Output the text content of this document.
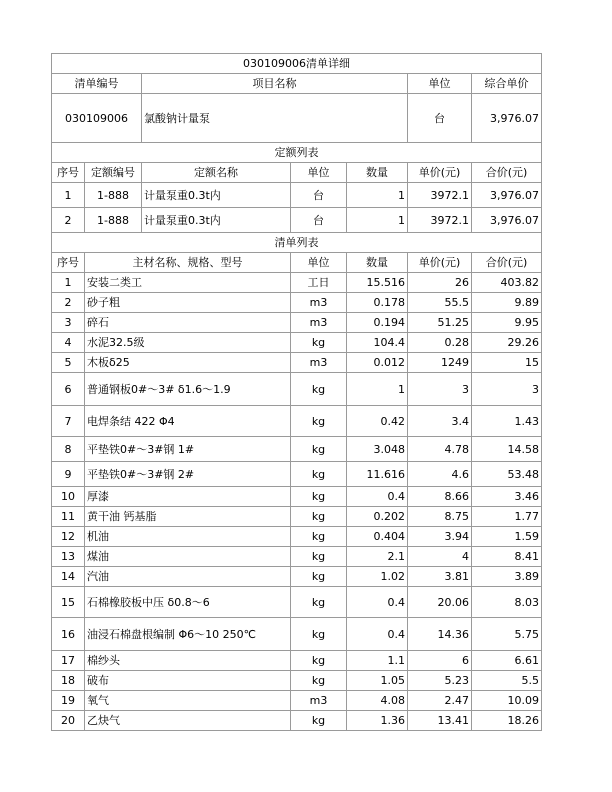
030109006清单详细						
清单编号		项目名称			单位	综合单价
030109006		氯酸钠计量泵			台	3,976.07
定额列表						
序号	定额编号	定额名称	单位	数量	单价(元)	合价(元)
1	1-888	计量泵重0.3t内	台	1	3972.1	3,976.07
2	1-888	计量泵重0.3t内	台	1	3972.1	3,976.07
清单列表						
序号	主材名称、规格、型号		单位	数量	单价(元)	合价(元)
1	安装二类工		工日	15.516	26	403.82
2	砂子粗		m3	0.178	55.5	9.89
3	碎石		m3	0.194	51.25	9.95
4	水泥32.5级		kg	104.4	0.28	29.26
5	木板δ25		m3	0.012	1249	15
6	普通钢板0#～3# δ1.6～1.9		kg	1	3	3
7	电焊条结 422 Φ4		kg	0.42	3.4	1.43
8	平垫铁0#～3#钢 1#		kg	3.048	4.78	14.58
9	平垫铁0#～3#钢 2#		kg	11.616	4.6	53.48
10	厚漆		kg	0.4	8.66	3.46
11	黄干油 钙基脂		kg	0.202	8.75	1.77
12	机油		kg	0.404	3.94	1.59
13	煤油		kg	2.1	4	8.41
14	汽油		kg	1.02	3.81	3.89
15	石棉橡胶板中压 δ0.8～6		kg	0.4	20.06	8.03
16	油浸石棉盘根编制 Φ6～10 250℃		kg	0.4	14.36	5.75
17	棉纱头		kg	1.1	6	6.61
18	破布		kg	1.05	5.23	5.5
19	氧气		m3	4.08	2.47	10.09
20	乙炔气		kg	1.36	13.41	18.26
